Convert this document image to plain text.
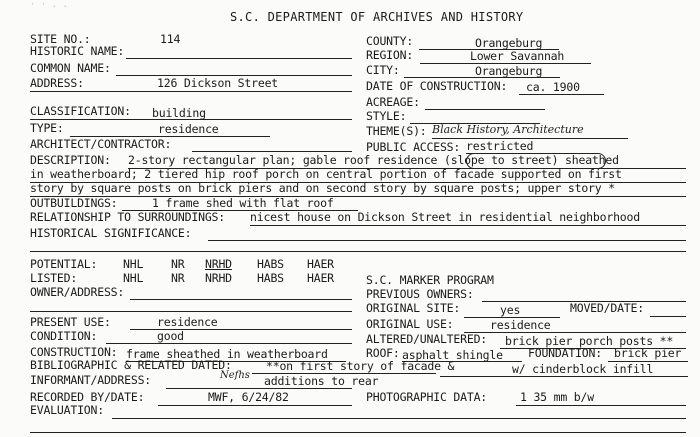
· · . .
S.C. DEPARTMENT OF ARCHIVES AND HISTORY
SITE NO.:	114	COUNTY:	Orangeburg
HISTORIC NAME:	REGION:	Lower Savannah
COMMON NAME:	CITY:	Orangeburg
ADDRESS:	126 Dickson Street	DATE OF CONSTRUCTION: ca. 1900
ACREAGE:
CLASSIFICATION: building	STYLE:
TYPE:	residence	THEME(S): Black History, Architecture
ARCHITECT/CONTRACTOR:	PUBLIC ACCESS: restricted
DESCRIPTION: 2-story rectangular plan; gable roof residence (slope to street) sheathed
in weatherboard; 2 tiered hip roof porch on central portion of facade supported on first
story by square posts on brick piers and on second story by square posts; upper story *
OUTBUILDINGS:	1 frame shed with flat roof
RELATIONSHIP TO SURROUNDINGS: nicest house on Dickson Street in residential neighborhood
HISTORICAL SIGNIFICANCE:
POTENTIAL: NHL NR NRHD HABS HAER
LISTED:	NHL NR NRHD HABS HAER	S.C. MARKER PROGRAM
OWNER/ADDRESS:	PREVIOUS OWNERS:
ORIGINAL SITE:	yes	MOVED/DATE:
PRESENT USE:	residence	ORIGINAL USE:	residence
CONDITION:	good	ALTERED/UNALTERED: brick pier porch posts **
CONSTRUCTION: frame sheathed in weatherboard	ROOF: asphalt shingle FOUNDATION: brick pier
BIBLIOGRAPHIC & RELATED DATED:	**on first story of facade &	w/ cinderblock infill
INFORMANT/ADDRESS:	Nefhs additions to rear
RECORDED BY/DATE:	MWF, 6/24/82	PHOTOGRAPHIC DATA:	1 35 mm b/w
EVALUATION:
